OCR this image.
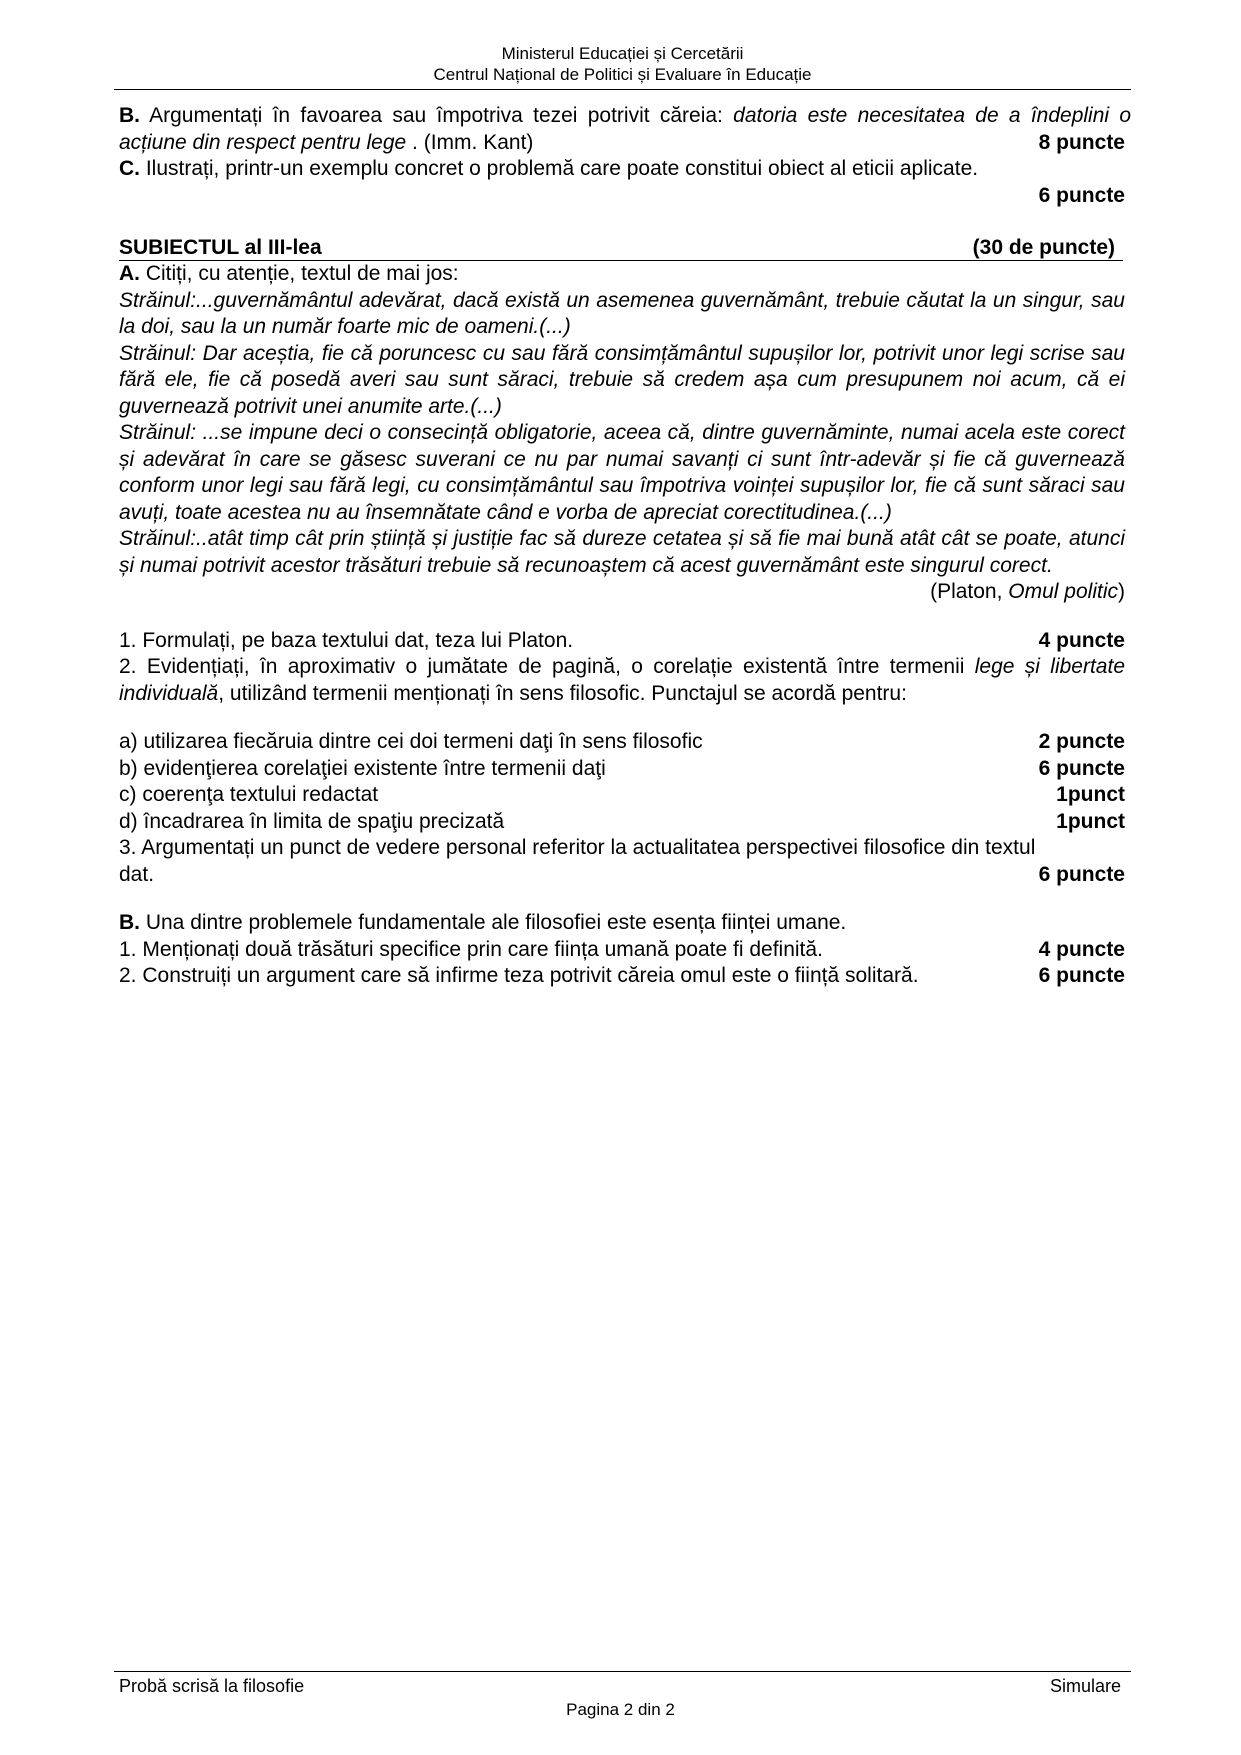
Ministerul Educației și Cercetării
Centrul Național de Politici și Evaluare în Educație
B. Argumentați în favoarea sau împotriva tezei potrivit căreia: datoria este necesitatea de a îndeplini o acțiune din respect pentru lege . (Imm. Kant)	8 puncte
C. Ilustrați, printr-un exemplu concret o problemă care poate constitui obiect al eticii aplicate.
6 puncte
SUBIECTUL al III-lea	(30 de puncte)
A. Citiți, cu atenție, textul de mai jos:
Străinul:...guvernământul adevărat, dacă există un asemenea guvernământ, trebuie căutat la un singur, sau la doi, sau la un număr foarte mic de oameni.(...)
Străinul: Dar aceștia, fie că poruncesc cu sau fără consimțământul supușilor lor, potrivit unor legi scrise sau fără ele, fie că posedă averi sau sunt săraci, trebuie să credem așa cum presupunem noi acum, că ei guvernează potrivit unei anumite arte.(...)
Străinul: ...se impune deci o consecință obligatorie, aceea că, dintre guvernăminte, numai acela este corect și adevărat în care se găsesc suverani ce nu par numai savanți ci sunt într-adevăr și fie că guvernează conform unor legi sau fără legi, cu consimțământul sau împotriva voinței supușilor lor, fie că sunt săraci sau avuți, toate acestea nu au însemnătate când e vorba de apreciat corectitudinea.(...)
Străinul:..atât timp cât prin știință și justiție fac să dureze cetatea și să fie mai bună atât cât se poate, atunci și numai potrivit acestor trăsături trebuie să recunoaștem că acest guvernământ este singurul corect.
(Platon, Omul politic)
1. Formulați, pe baza textului dat, teza lui Platon.	4 puncte
2. Evidențiați, în aproximativ o jumătate de pagină, o corelație existentă între termenii lege și libertate individuală, utilizând termenii menționați în sens filosofic. Punctajul se acordă pentru:
a) utilizarea fiecăruia dintre cei doi termeni daţi în sens filosofic	2 puncte
b) evidenţierea corelaţiei existente între termenii daţi	6 puncte
c) coerenţa textului redactat	1punct
d) încadrarea în limita de spaţiu precizată	1punct
3. Argumentați un punct de vedere personal referitor la actualitatea perspectivei filosofice din textul
dat.	6 puncte
B. Una dintre problemele fundamentale ale filosofiei este esența ființei umane.
1. Menționați două trăsături specifice prin care ființa umană poate fi definită.	4 puncte
2. Construiți un argument care să infirme teza potrivit căreia omul este o ființă solitară.	6 puncte
Probă scrisă la filosofie	Simulare
Pagina 2 din 2
